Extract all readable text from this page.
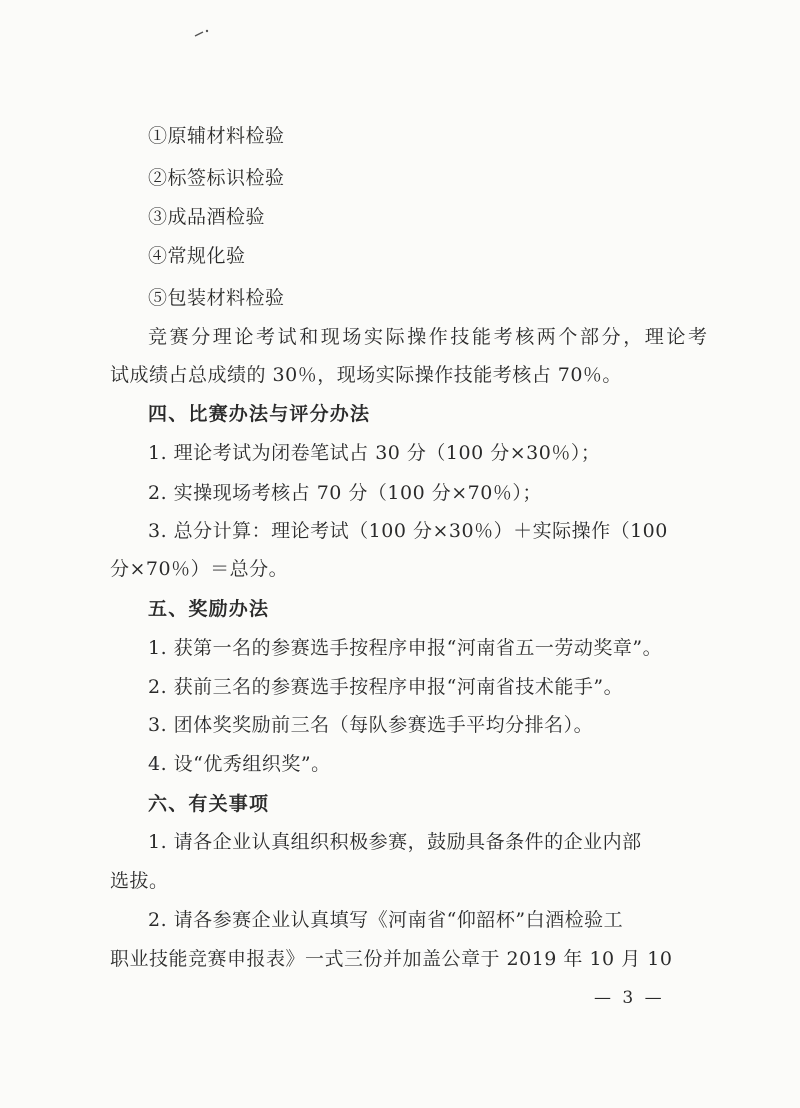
①原辅材料检验
②标签标识检验
③成品酒检验
④常规化验
⑤包装材料检验
竞赛分理论考试和现场实际操作技能考核两个部分，理论考
试成绩占总成绩的 30％，现场实际操作技能考核占 70％。
四、比赛办法与评分办法
1. 理论考试为闭卷笔试占 30 分（100 分×30％）；
2. 实操现场考核占 70 分（100 分×70％）；
3. 总分计算：理论考试（100 分×30％）＋实际操作（100
分×70％）＝总分。
五、奖励办法
1. 获第一名的参赛选手按程序申报“河南省五一劳动奖章”。
2. 获前三名的参赛选手按程序申报“河南省技术能手”。
3. 团体奖奖励前三名（每队参赛选手平均分排名）。
4. 设“优秀组织奖”。
六、有关事项
1. 请各企业认真组织积极参赛，鼓励具备条件的企业内部
选拔。
2. 请各参赛企业认真填写《河南省“仰韶杯”白酒检验工
职业技能竞赛申报表》一式三份并加盖公章于 2019 年 10 月 10
— 3 —
